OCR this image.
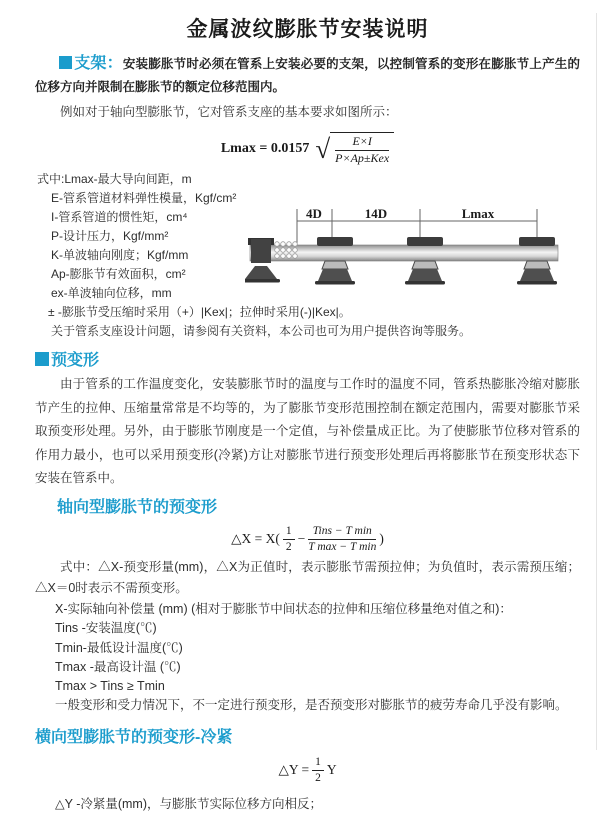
金属波纹膨胀节安装说明
支架：安装膨胀节时必须在管系上安装必要的支架，以控制管系的变形在膨胀节上产生的位移方向并限制在膨胀节的额定位移范围内。
例如对于轴向型膨胀节，它对管系支座的基本要求如图所示：
Lmax = 0.0157 √ $\frac{E\times I}{\text{P×Ap±Kex}}$
式中:Lmax-最大导向间距，m
E-管系管道材料弹性模量，Kgf/cm²
I-管系管道的惯性矩，cm⁴
P-设计压力，Kgf/mm²
K-单波轴向刚度；Kgf/mm
Ap-膨胀节有效面积，cm²
ex-单波轴向位移，mm
± -膨胀节受压缩时采用（+）|Kex|；拉伸时采用(-)|Kex|。
关于管系支座设计问题，请参阅有关资料，本公司也可为用户提供咨询等服务。
预变形
由于管系的工作温度变化，安装膨胀节时的温度与工作时的温度不同，管系热膨胀冷缩对膨胀节产生的拉伸、压缩量常常是不均等的，为了膨胀节变形范围控制在额定范围内，需要对膨胀节采取预变形处理。另外，由于膨胀节刚度是一个定值，与补偿量成正比。为了使膨胀节位移对管系的作用力最小，也可以采用预变形(冷紧)方让对膨胀节进行预变形处理后再将膨胀节在预变形状态下安装在管系中。
轴向型膨胀节的预变形
△X = $X( \frac{1}{2}$ −
Tins − T min
T max − T min
)
式中：△X-预变形量(mm)，△X为正值时，表示膨胀节需预拉伸；为负值时，表示需预压缩；△X＝0时表示不需预变形。
X-实际轴向补偿量 (mm) (相对于膨胀节中间状态的拉伸和压缩位移量绝对值之和)：
Tins -安装温度(℃)
Tmin-最低设计温度(℃)
Tmax -最高设计温 (℃)
Tmax > Tins ≥ Tmin
一般变形和受力情况下，不一定进行预变形，是否预变形对膨胀节的疲劳寿命几乎没有影响。
横向型膨胀节的预变形-冷紧
△Y = $\frac{1}{2}$ Y
△Y -冷紧量(mm)，与膨胀节实际位移方向相反；
4D	14D	Lmax
